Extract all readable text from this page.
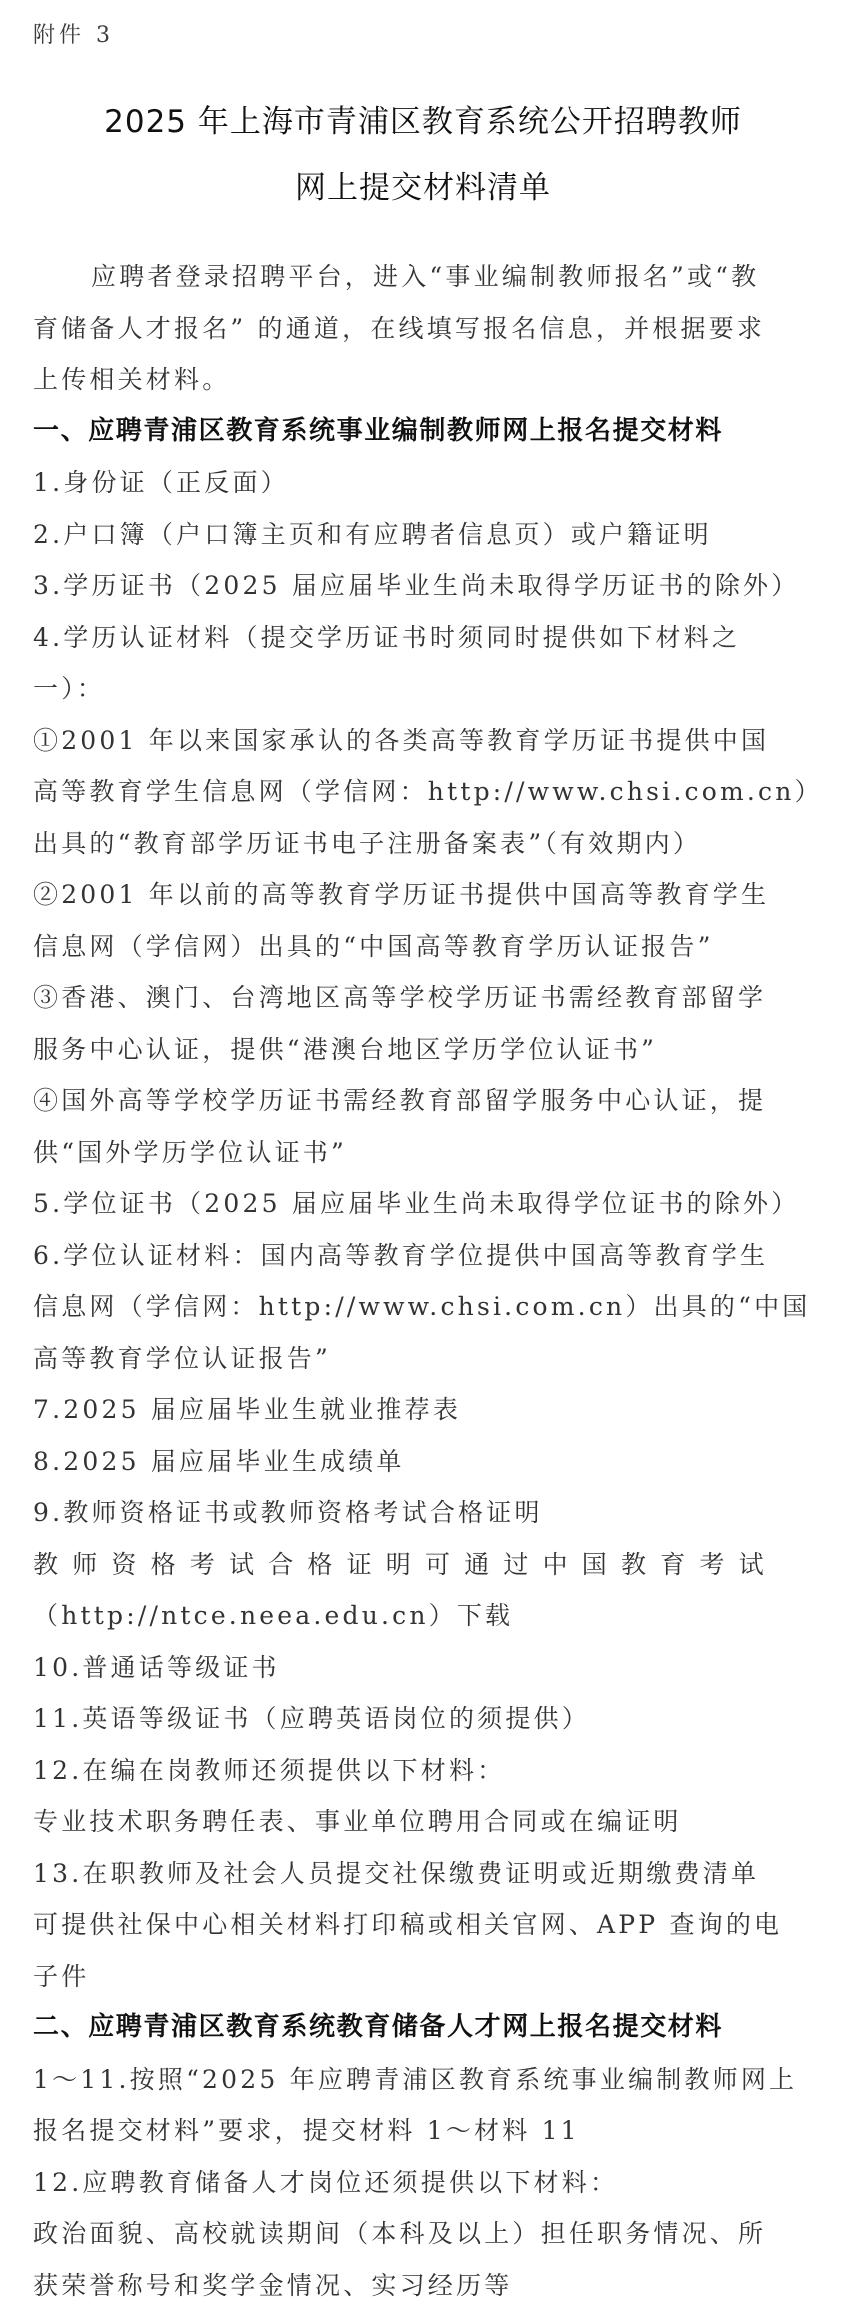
附件 3
2025 年上海市青浦区教育系统公开招聘教师
网上提交材料清单
应聘者登录招聘平台，进入“事业编制教师报名”或“教
育储备人才报名” 的通道，在线填写报名信息，并根据要求
上传相关材料。
一、应聘青浦区教育系统事业编制教师网上报名提交材料
1.身份证（正反面）
2.户口簿（户口簿主页和有应聘者信息页）或户籍证明
3.学历证书（2025 届应届毕业生尚未取得学历证书的除外）
4.学历认证材料（提交学历证书时须同时提供如下材料之
一）：
①2001 年以来国家承认的各类高等教育学历证书提供中国
高等教育学生信息网（学信网：http://www.chsi.com.cn）
出具的“教育部学历证书电子注册备案表”（有效期内）
②2001 年以前的高等教育学历证书提供中国高等教育学生
信息网（学信网）出具的“中国高等教育学历认证报告”
③香港、澳门、台湾地区高等学校学历证书需经教育部留学
服务中心认证，提供“港澳台地区学历学位认证书”
④国外高等学校学历证书需经教育部留学服务中心认证，提
供“国外学历学位认证书”
5.学位证书（2025 届应届毕业生尚未取得学位证书的除外）
6.学位认证材料：国内高等教育学位提供中国高等教育学生
信息网（学信网：http://www.chsi.com.cn）出具的“中国
高等教育学位认证报告”
7.2025 届应届毕业生就业推荐表
8.2025 届应届毕业生成绩单
9.教师资格证书或教师资格考试合格证明
教师资格考试合格证明可通过中国教育考试
（http://ntce.neea.edu.cn）下载
10.普通话等级证书
11.英语等级证书（应聘英语岗位的须提供）
12.在编在岗教师还须提供以下材料：
专业技术职务聘任表、事业单位聘用合同或在编证明
13.在职教师及社会人员提交社保缴费证明或近期缴费清单
可提供社保中心相关材料打印稿或相关官网、APP 查询的电
子件
二、应聘青浦区教育系统教育储备人才网上报名提交材料
1～11.按照“2025 年应聘青浦区教育系统事业编制教师网上
报名提交材料”要求，提交材料 1～材料 11
12.应聘教育储备人才岗位还须提供以下材料：
政治面貌、高校就读期间（本科及以上）担任职务情况、所
获荣誉称号和奖学金情况、实习经历等
